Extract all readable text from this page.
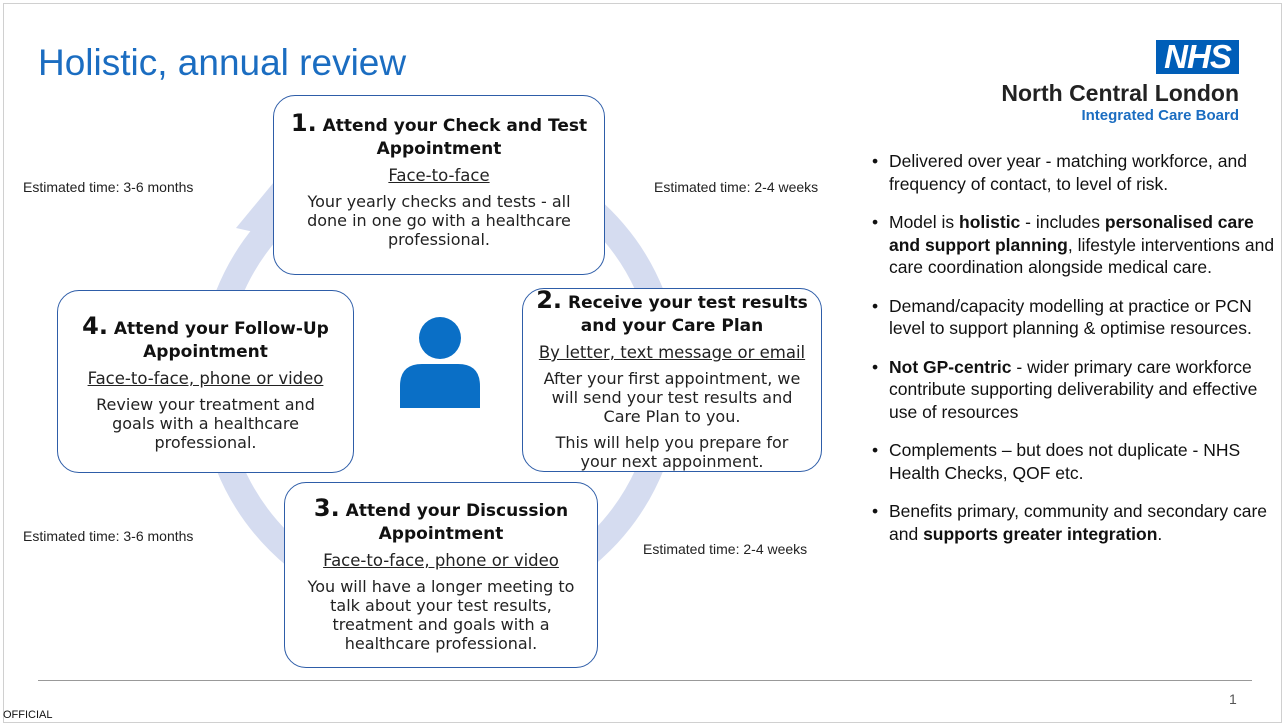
Holistic, annual review	NHS
North Central London
Integrated Care Board
1. Attend your Check and Test Appointment
Face-to-face
Your yearly checks and tests - all done in one go with a healthcare professional.
2. Receive your test results and your Care Plan
By letter, text message or email
After your first appointment, we will send your test results and Care Plan to you.
This will help you prepare for your next appoinment.
3. Attend your Discussion Appointment
Face-to-face, phone or video
You will have a longer meeting to talk about your test results, treatment and goals with a healthcare professional.
4. Attend your Follow-Up Appointment
Face-to-face, phone or video
Review your treatment and goals with a healthcare professional.
Estimated time: 3-6 months	Estimated time: 2-4 weeks
Estimated time: 3-6 months
Estimated time: 2-4 weeks
• Delivered over year - matching workforce, and frequency of contact, to level of risk.
• Model is holistic - includes personalised care and support planning, lifestyle interventions and care coordination alongside medical care.
• Demand/capacity modelling at practice or PCN level to support planning & optimise resources.
• Not GP-centric - wider primary care workforce contribute supporting deliverability and effective use of resources
• Complements – but does not duplicate - NHS Health Checks, QOF etc.
• Benefits primary, community and secondary care and supports greater integration.
1
OFFICIAL
